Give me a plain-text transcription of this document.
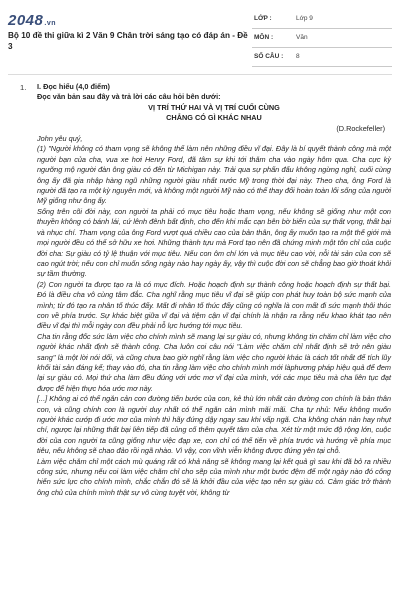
2048.vn
Bộ 10 đề thi giữa kì 2 Văn 9 Chân trời sáng tạo có đáp án - Đề 3
LỚP :	Lớp 9
MÔN :	Văn
SỐ CÂU : 8
1. I. Đọc hiểu (4,0 điểm)

Đọc văn bản sau đây và trả lời các câu hỏi bên dưới:

VỊ TRÍ THỨ HAI VÀ VỊ TRÍ CUỐI CÙNG

CHẲNG CÓ GÌ KHÁC NHAU

(D.Rockefeller)

John yêu quý,

(1) "Người không có tham vọng sẽ không thể làm nên những điều vĩ đại. Đây là bí quyết thành công mà một người bạn của cha, vua xe hơi Henry Ford, đã tâm sự khi tới thăm cha vào ngày hôm qua. Cha cực kỳ ngưỡng mộ người đàn ông giàu có đến từ Michigan này. Trải qua sự phấn đấu không ngừng nghỉ, cuối cùng ông ấy đã gia nhập hàng ngũ những người giàu nhất nước Mỹ trong thời đại này. Theo cha, ông Ford là người đã tạo ra một kỳ nguyên mới, và không một người Mỹ nào có thể thay đổi hoàn toàn lối sống của người Mỹ giống như ông ấy.

Sống trên cõi đời này, con người ta phải có mục tiêu hoặc tham vọng, nếu không sẽ giống như một con thuyền không có bánh lái, cứ lênh đênh bất định, cho đến khi mắc cạn bên bờ biển của sự thất vọng, thất bại và nhục chí. Tham vọng của ông Ford vượt quá chiều cao của bản thân, ông ấy muốn tạo ra một thế giới mà mọi người đều có thể sở hữu xe hơi. Những thành tựu mà Ford tạo nên đã chứng minh một tôn chỉ của cuộc đời cha: Sự giàu có tỷ lệ thuận với mục tiêu. Nếu con ôm chí lớn và mục tiêu cao vời, nỗi tài sản của con sẽ cao ngút trời; nếu con chỉ muốn sống ngày nào hay ngày ấy, vậy thì cuộc đời con sẽ chẳng bao giờ thoát khỏi sự tầm thường.

(2) Con người ta được tạo ra là có mục đích. Hoặc hoạch định sự thành công hoặc hoạch định sự thất bại. Đó là điều cha vô cùng tâm đắc. Cha nghĩ rằng mục tiêu vĩ đại sẽ giúp con phát huy toàn bộ sức mạnh của mình; từ đó tạo ra nhân tố thúc đẩy. Mất đi nhân tố thúc đẩy cũng có nghĩa là con mất đi sức mạnh thôi thúc con về phía trước. Sự khác biệt giữa vĩ đại và tiệm cận vĩ đại chính là nhận ra rằng nếu khao khát tạo nên điều vĩ đại thì mỗi ngày con đều phải nỗ lực hướng tới mục tiêu.

Cha tin rằng đốc sức làm việc cho chính mình sẽ mang lại sự giàu có, nhưng không tin chăm chỉ làm việc cho người khác nhất định sẽ thành công. Cha luôn coi câu nói "Làm việc chăm chỉ nhất định sẽ trở nên giàu sang" là một lời nói dối, và cũng chưa bao giờ nghĩ rằng làm việc cho người khác là cách tốt nhất để tích lũy khối tài sản đáng kể; thay vào đó, cha tin rằng làm việc cho chính mình mới làphương pháp hiệu quả để đem lại sự giàu có. Mọi thứ cha làm đều đúng với ước mơ vĩ đại của mình, với các mục tiêu mà cha liên tục đạt được để hiện thực hóa ước mơ này.

[...] Không ai có thể ngăn cản con đường tiến bước của con, kẻ thù lớn nhất cản đường con chính là bản thân con, và cũng chính con là người duy nhất có thể ngăn cản mình mãi mãi. Cha tự nhủ: Nếu không muốn người khác cướp đi ước mơ của mình thì hãy đứng dậy ngay sau khi vấp ngã. Cha không chán nản hay nhụt chí, ngược lại những thất bại liên tiếp đã củng cố thêm quyết tâm của cha. Xét từ một mức độ rộng lớn, cuộc đời của con người ta cũng giống như việc đạp xe, con chỉ có thể tiến về phía trước và hướng về phía mục tiêu, nếu không sẽ chao đảo rồi ngã nhào. Vì vậy, con vĩnh viễn không được đứng yên tại chỗ.

Làm việc chăm chỉ một cách mù quáng rất có khả năng sẽ không mang lại kết quả gì sau khi đã bỏ ra nhiều công sức, nhưng nếu coi làm việc chăm chỉ cho sẽp của mình như một bước đệm để một ngày nào đó cống hiến sức lực cho chính mình, chắc chắn đó sẽ là khởi đầu của việc tạo nên sự giàu có. Cảm giác trở thành ông chủ của chính mình thật sự vô cùng tuyệt vời, không từ
